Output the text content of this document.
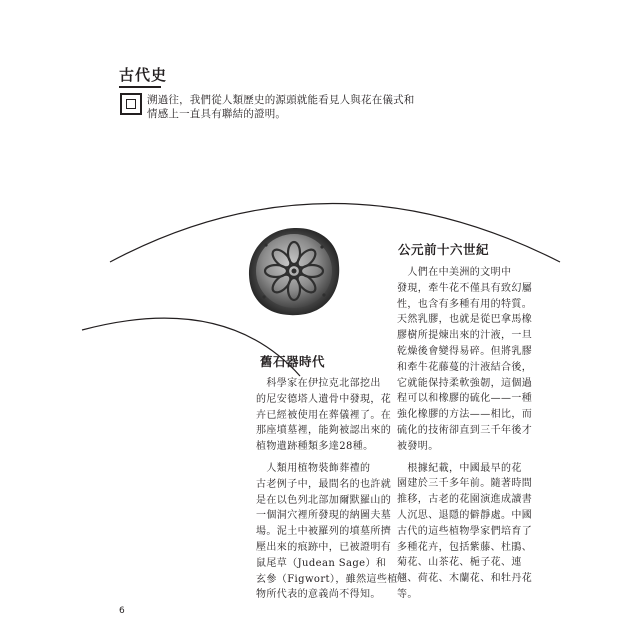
古代史
溯過往，我們從人類歷史的源頭就能看見人與花在儀式和
情感上一直具有聯結的證明。
公元前十六世紀
　人們在中美洲的文明中
發現，牽牛花不僅具有致幻屬
性，也含有多種有用的特質。
天然乳膠，也就是從巴拿馬橡
膠樹所提煉出來的汁液，一旦
乾燥後會變得易碎。但將乳膠
和牽牛花藤蔓的汁液結合後，
它就能保持柔軟強韌，這個過
程可以和橡膠的硫化——一種
強化橡膠的方法——相比，而
硫化的技術卻直到三千年後才
被發明。
　根據紀載，中國最早的花
園建於三千多年前。隨著時間
推移，古老的花園演進成讀書
人沉思、退隱的僻靜處。中國
古代的這些植物學家們培育了
多種花卉，包括紫藤、杜鵑、
菊花、山茶花、梔子花、連
翹、荷花、木蘭花、和牡丹花
等。
舊石器時代
　科學家在伊拉克北部挖出
的尼安德塔人遺骨中發現，花
卉已經被使用在葬儀裡了。在
那座墳墓裡，能夠被認出來的
植物遺跡種類多達28種。
　人類用植物裝飾葬禮的
古老例子中，最間名的也許就
是在以色列北部加爾默羅山的
一個洞穴裡所發現的納圖夫墓
場。泥土中被羅列的墳墓所擠
壓出來的痕跡中，已被證明有
鼠尾草（Judean Sage）和
玄參（Figwort），雖然這些植
物所代表的意義尚不得知。
6
